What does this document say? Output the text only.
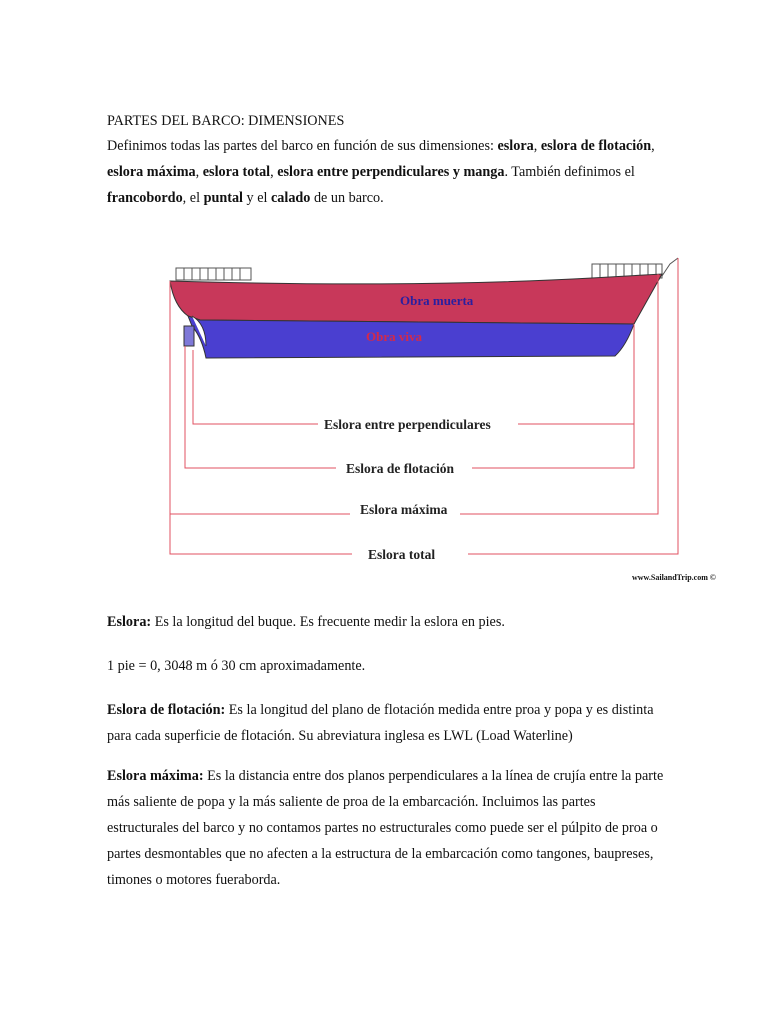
PARTES DEL BARCO: DIMENSIONES

Definimos todas las partes del barco en función de sus dimensiones: eslora, eslora de flotación, eslora máxima, eslora total, eslora entre perpendiculares y manga. También definimos el francobordo, el puntal y el calado de un barco.

Obra muerta
Obra viva
Eslora entre perpendiculares
Eslora de flotación
Eslora máxima
Eslora total
www.SailandTrip.com ©

Eslora: Es la longitud del buque. Es frecuente medir la eslora en pies.

1 pie = 0, 3048 m ó 30 cm aproximadamente.

Eslora de flotación: Es la longitud del plano de flotación medida entre proa y popa y es distinta para cada superficie de flotación. Su abreviatura inglesa es LWL (Load Waterline)

Eslora máxima: Es la distancia entre dos planos perpendiculares a la línea de crujía entre la parte más saliente de popa y la más saliente de proa de la embarcación. Incluimos las partes estructurales del barco y no contamos partes no estructurales como puede ser el púlpito de proa o partes desmontables que no afecten a la estructura de la embarcación como tangones, baupreses, timones o motores fueraborda.
